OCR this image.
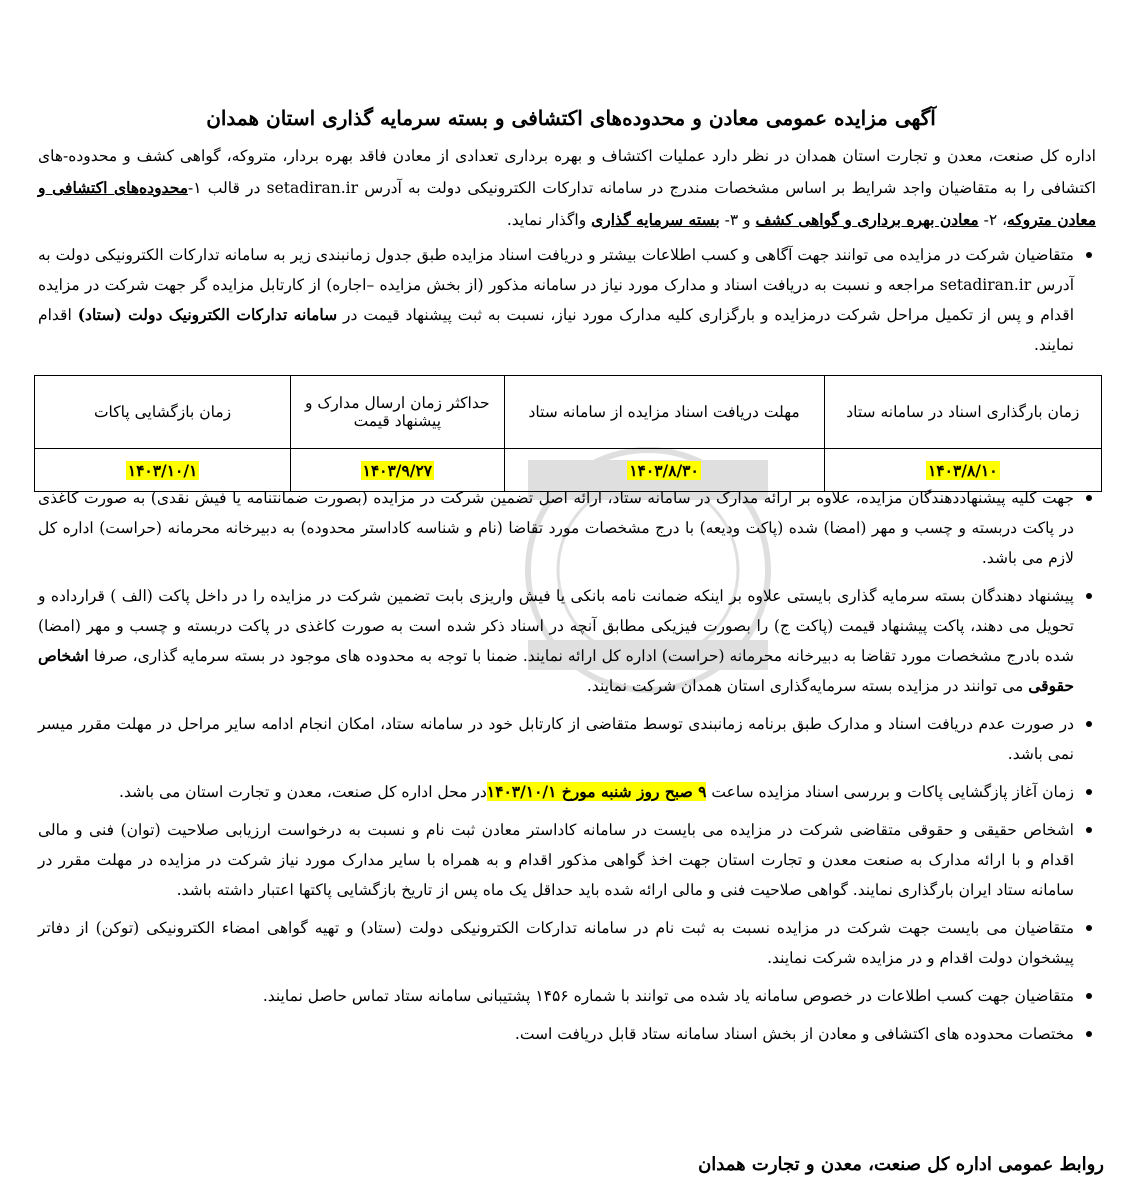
آگهی مزایده عمومی معادن و محدوده‌های اکتشافی و بسته سرمایه گذاری استان همدان
اداره کل صنعت، معدن و تجارت استان همدان در نظر دارد عملیات اکتشاف و بهره برداری تعدادی از معادن فاقد بهره بردار، متروکه، گواهی کشف و محدوده-های اکتشافی را به متقاضیان واجد شرایط بر اساس مشخصات مندرج در سامانه تدارکات الکترونیکی دولت به آدرس setadiran.ir در قالب ۱-محدوده‌های اکتشافی و معادن متروکه، ۲- معادن بهره برداری و گواهی کشف و ۳- بسته سرمایه گذاری واگذار نماید.
متقاضیان شرکت در مزایده می توانند جهت آگاهی و کسب اطلاعات بیشتر و دریافت اسناد مزایده طبق جدول زمانبندی زیر به سامانه تدارکات الکترونیکی دولت به آدرس setadiran.ir مراجعه و نسبت به دریافت اسناد و مدارک مورد نیاز در سامانه مذکور (از بخش مزایده –اجاره) از کارتابل مزایده گر جهت شرکت در مزایده اقدام و پس از تکمیل مراحل شرکت درمزایده و بارگزاری کلیه مدارک مورد نیاز، نسبت به ثبت پیشنهاد قیمت در سامانه تدارکات الکترونیک دولت (ستاد) اقدام نمایند.
زمان بارگذاری اسناد در سامانه ستاد	مهلت دریافت اسناد مزایده از سامانه ستاد	حداکثر زمان ارسال مدارک و پیشنهاد قیمت	زمان بازگشایی پاکات
۱۴۰۳/۸/۱۰	۱۴۰۳/۸/۳۰	۱۴۰۳/۹/۲۷	۱۴۰۳/۱۰/۱
جهت کلیه پیشنهاددهندگان مزایده، علاوه بر ارائه مدارک در سامانه ستاد، ارائه اصل تضمین شرکت در مزایده (بصورت ضمانتنامه یا فیش نقدی) به صورت کاغذی در پاکت دربسته و چسب و مهر (امضا) شده (پاکت ودیعه) با درج مشخصات مورد تقاضا (نام و شناسه کاداستر محدوده) به دبیرخانه محرمانه (حراست) اداره کل لازم می باشد.
پیشنهاد دهندگان بسته سرمایه گذاری بایستی علاوه بر اینکه ضمانت نامه بانکی یا فیش واریزی بابت تضمین شرکت در مزایده را در داخل پاکت (الف ) قرارداده و تحویل می دهند، پاکت پیشنهاد قیمت (پاکت ج) را بصورت فیزیکی مطابق آنچه در اسناد ذکر شده است به صورت کاغذی در پاکت دربسته و چسب و مهر (امضا) شده بادرج مشخصات مورد تقاضا به دبیرخانه محرمانه (حراست) اداره کل ارائه نمایند. ضمنا با توجه به محدوده های موجود در بسته سرمایه گذاری، صرفا اشخاص حقوقی می توانند در مزایده بسته سرمایه‌گذاری استان همدان شرکت نمایند.
در صورت عدم دریافت اسناد و مدارک طبق برنامه زمانبندی توسط متقاضی از کارتابل خود در سامانه ستاد، امکان انجام ادامه سایر مراحل در مهلت مقرر میسر نمی باشد.
زمان آغاز پازگشایی پاکات و بررسی اسناد مزایده ساعت ۹ صبح روز شنبه مورخ ۱۴۰۳/۱۰/۱در محل اداره کل صنعت، معدن و تجارت استان می باشد.
اشخاص حقیقی و حقوقی متقاضی شرکت در مزایده می بایست در سامانه کاداستر معادن ثبت نام و نسبت به درخواست ارزیابی صلاحیت (توان) فنی و مالی اقدام و با ارائه مدارک به صنعت معدن و تجارت استان جهت اخذ گواهی مذکور اقدام و به همراه با سایر مدارک مورد نیاز شرکت در مزایده در مهلت مقرر در سامانه ستاد ایران بارگذاری نمایند. گواهی صلاحیت فنی و مالی ارائه شده باید حداقل یک ماه پس از تاریخ بازگشایی پاکتها اعتبار داشته باشد.
متقاضیان می بایست جهت شرکت در مزایده نسبت به ثبت نام در سامانه تدارکات الکترونیکی دولت (ستاد) و تهیه گواهی امضاء الکترونیکی (توکن) از دفاتر پیشخوان دولت اقدام و در مزایده شرکت نمایند.
متقاضیان جهت کسب اطلاعات در خصوص سامانه یاد شده می توانند با شماره ۱۴۵۶ پشتیبانی سامانه ستاد تماس حاصل نمایند.
مختصات محدوده های اکتشافی و معادن از بخش اسناد سامانه ستاد قابل دریافت است.
روابط عمومی اداره کل صنعت، معدن و تجارت همدان
